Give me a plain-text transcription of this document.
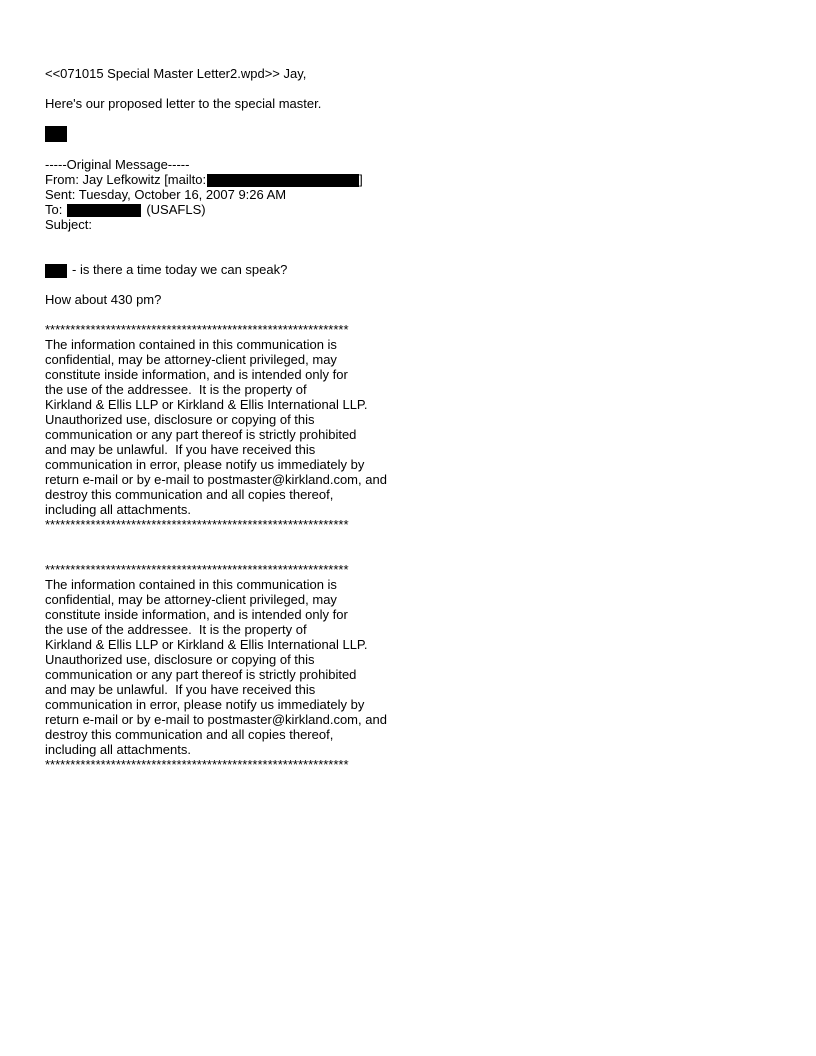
<<071015 Special Master Letter2.wpd>> Jay,
Here's our proposed letter to the special master.
-----Original Message-----
From: Jay Lefkowitz [mailto:	]
Sent: Tuesday, October 16, 2007 9:26 AM
To:	(USAFLS)
Subject:
- is there a time today we can speak?
How about 430 pm?
************************************************************
The information contained in this communication is
confidential, may be attorney-client privileged, may
constitute inside information, and is intended only for
the use of the addressee.  It is the property of
Kirkland & Ellis LLP or Kirkland & Ellis International LLP.
Unauthorized use, disclosure or copying of this
communication or any part thereof is strictly prohibited
and may be unlawful.  If you have received this
communication in error, please notify us immediately by
return e-mail or by e-mail to postmaster@kirkland.com, and
destroy this communication and all copies thereof,
including all attachments.
************************************************************
************************************************************
The information contained in this communication is
confidential, may be attorney-client privileged, may
constitute inside information, and is intended only for
the use of the addressee.  It is the property of
Kirkland & Ellis LLP or Kirkland & Ellis International LLP.
Unauthorized use, disclosure or copying of this
communication or any part thereof is strictly prohibited
and may be unlawful.  If you have received this
communication in error, please notify us immediately by
return e-mail or by e-mail to postmaster@kirkland.com, and
destroy this communication and all copies thereof,
including all attachments.
************************************************************
